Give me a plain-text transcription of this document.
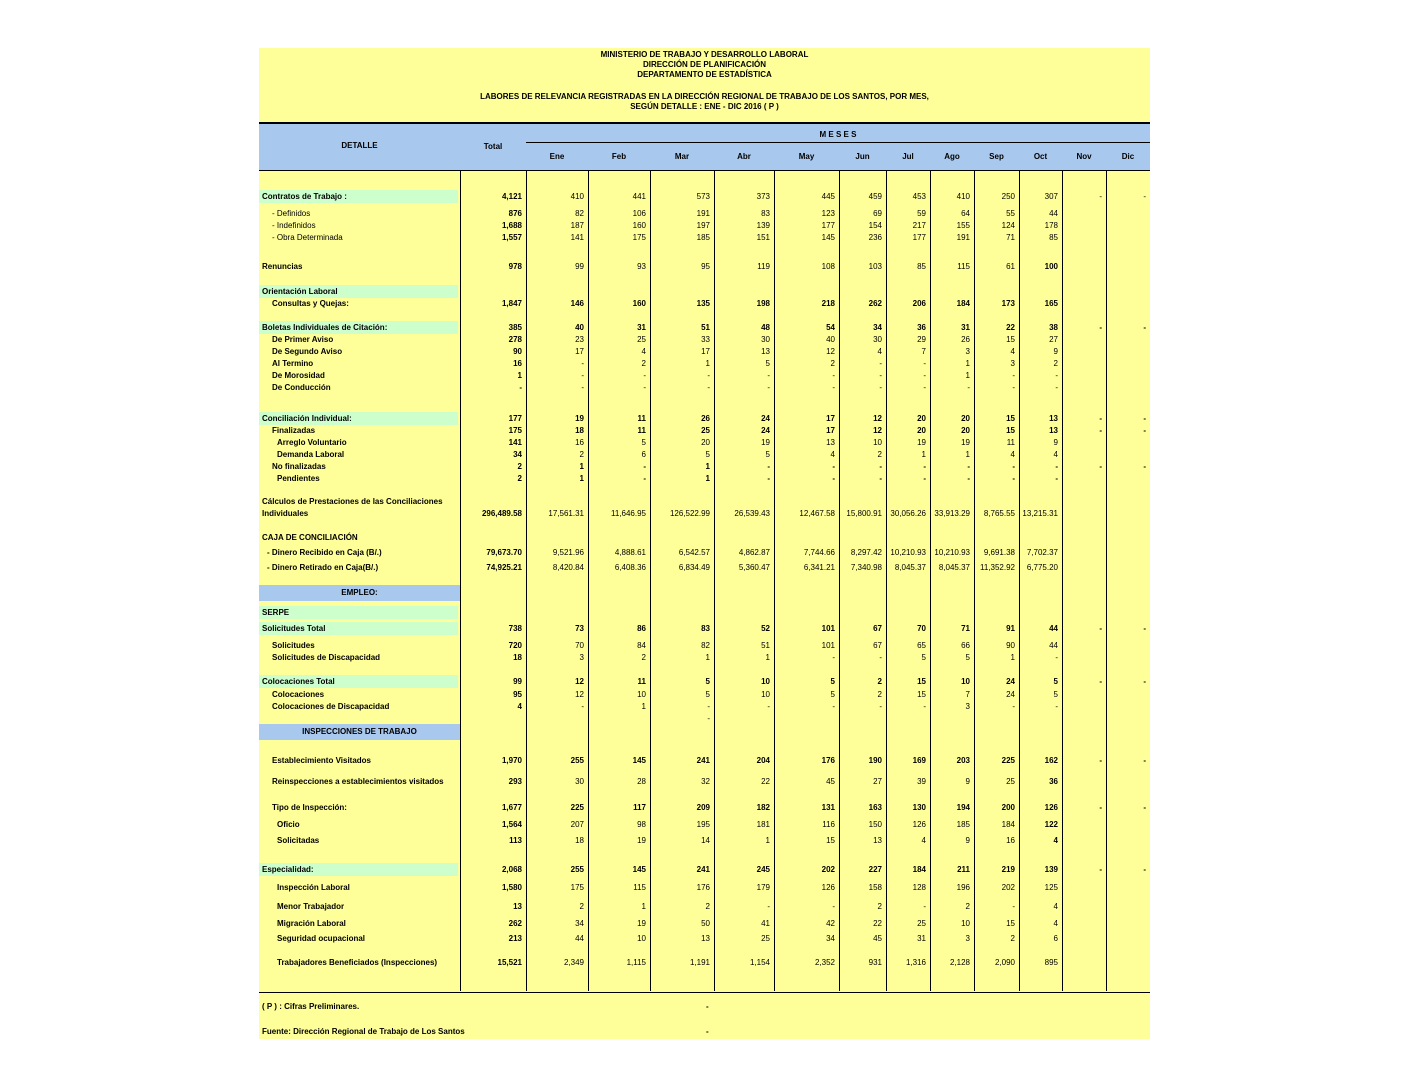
MINISTERIO DE TRABAJO Y DESARROLLO LABORAL
DIRECCIÓN DE PLANIFICACIÓN
DEPARTAMENTO DE ESTADÍSTICA
LABORES DE RELEVANCIA REGISTRADAS EN LA DIRECCIÓN REGIONAL DE TRABAJO DE LOS SANTOS, POR MES,
SEGÚN DETALLE : ENE - DIC 2016 ( P )
DETALLE	Total
M E S E S
Ene	Feb	Mar	Abr	May	Jun	Jul	Ago	Sep	Oct	Nov	Dic
Contratos de Trabajo :	4,121	410	441	573	373	445	459	453	410	250	307	-	-
- Definidos	876	82	106	191	83	123	69	59	64	55	44
- Indefinidos	1,688	187	160	197	139	177	154	217	155	124	178
- Obra Determinada	1,557	141	175	185	151	145	236	177	191	71	85
Renuncias	978	99	93	95	119	108	103	85	115	61	100
Orientación Laboral
Consultas y Quejas:	1,847	146	160	135	198	218	262	206	184	173	165
Boletas Individuales de Citación:	385	40	31	51	48	54	34	36	31	22	38	-	-
De Primer Aviso	278	23	25	33	30	40	30	29	26	15	27
De Segundo Aviso	90	17	4	17	13	12	4	7	3	4	9
Al Termino	16	-	2	1	5	2	-	-	1	3	2
De Morosidad	1	-	-	-	-	-	-	-	1	-	-
De Conducción	-	-	-	-	-	-	-	-	-	-	-
Conciliación Individual:	177	19	11	26	24	17	12	20	20	15	13	-	-
Finalizadas	175	18	11	25	24	17	12	20	20	15	13	-	-
Arreglo Voluntario	141	16	5	20	19	13	10	19	19	11	9
Demanda Laboral	34	2	6	5	5	4	2	1	1	4	4
No finalizadas	2	1	-	1	-	-	-	-	-	-	-	-	-
Pendientes	2	1	-	1	-	-	-	-	-	-	-
Cálculos de Prestaciones de las Conciliaciones
Individuales	296,489.58	17,561.31	11,646.95	126,522.99	26,539.43	12,467.58	15,800.91	30,056.26	33,913.29	8,765.55 13,215.31
CAJA DE CONCILIACIÓN
- Dinero Recibido en Caja (B/.)	79,673.70	9,521.96	4,888.61	6,542.57	4,862.87	7,744.66	8,297.42	10,210.93	10,210.93	9,691.38	7,702.37
- Dinero Retirado en Caja(B/.)	74,925.21	8,420.84	6,408.36	6,834.49	5,360.47	6,341.21	7,340.98	8,045.37	8,045.37	11,352.92	6,775.20
SERPE
Solicitudes Total	738	73	86	83	52	101	67	70	71	91	44	-	-
Solicitudes	720	70	84	82	51	101	67	65	66	90	44
Solicitudes de Discapacidad	18	3	2	1	1	-	-	5	5	1	-
Colocaciones Total	99	12	11	5	10	5	2	15	10	24	5	-	-
Colocaciones	95	12	10	5	10	5	2	15	7	24	5
Colocaciones de Discapacidad	4	-	1	-	-	-	-	-	3	-	-
-
Establecimiento Visitados	1,970	255	145	241	204	176	190	169	203	225	162	-	-
Reinspecciones a establecimientos visitados	293	30	28	32	22	45	27	39	9	25	36
Tipo de Inspección:	1,677	225	117	209	182	131	163	130	194	200	126	-	-
Oficio	1,564	207	98	195	181	116	150	126	185	184	122
Solicitadas	113	18	19	14	1	15	13	4	9	16	4
Especialidad:	2,068	255	145	241	245	202	227	184	211	219	139	-	-
Inspección Laboral	1,580	175	115	176	179	126	158	128	196	202	125
Menor Trabajador	13	2	1	2	-	-	2	-	2	-	4
Migración Laboral	262	34	19	50	41	42	22	25	10	15	4
Seguridad ocupacional	213	44	10	13	25	34	45	31	3	2	6
Trabajadores Beneficiados (Inspecciones)	15,521	2,349	1,115	1,191	1,154	2,352	931	1,316	2,128	2,090	895
EMPLEO:
INSPECCIONES DE TRABAJO
( P ) : Cifras Preliminares.	-
Fuente: Dirección Regional de Trabajo de Los Santos	-
